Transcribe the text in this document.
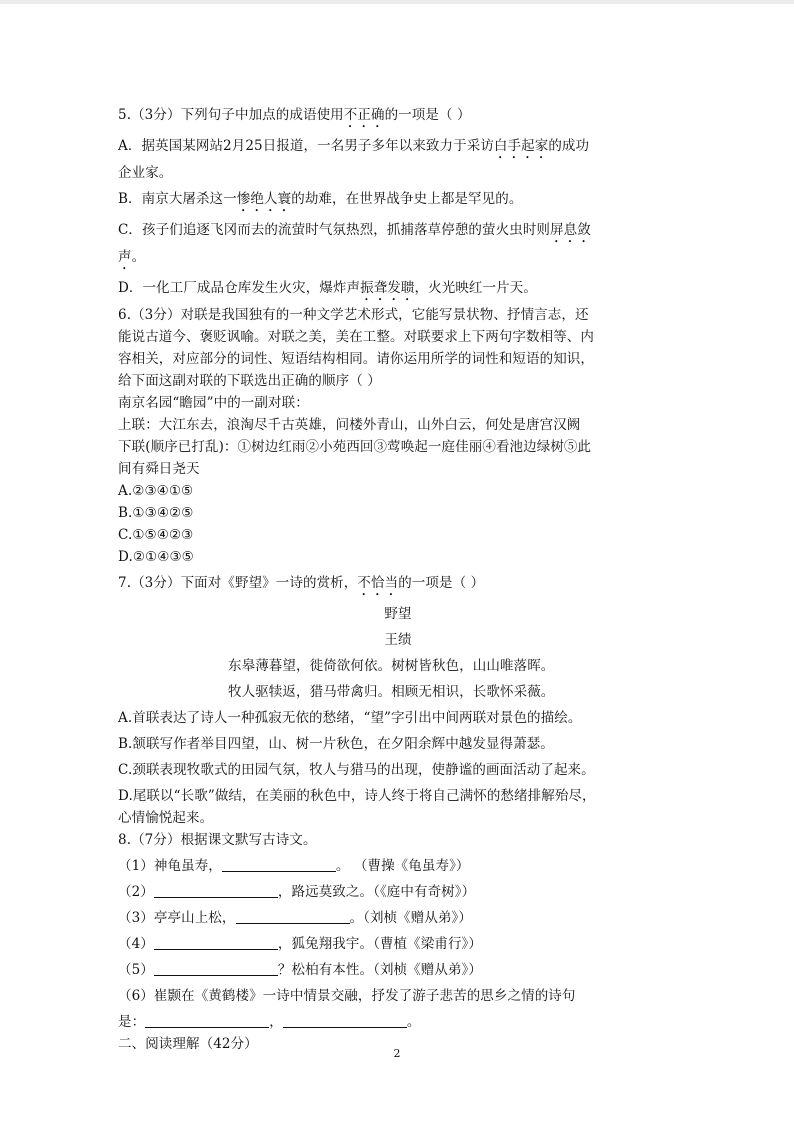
5.（3分）下列句子中加点的成语使用不正确的一项是（ ）

A．据英国某网站2月25日报道，一名男子多年以来致力于采访白手起家的成功

企业家。

B．南京大屠杀这一惨绝人寰的劫难，在世界战争史上都是罕见的。

C．孩子们追逐飞冈而去的流萤时气氛热烈，抓捕落草停憩的萤火虫时则屏息敛

声。

D．一化工厂成品仓库发生火灾，爆炸声振聋发聩，火光映红一片天。

6.（3分）对联是我国独有的一种文学艺术形式，它能写景状物、抒情言志，还

能说古道今、褒贬讽喻。对联之美，美在工整。对联要求上下两句字数相等、内

容相关，对应部分的词性、短语结构相同。请你运用所学的词性和短语的知识，

给下面这副对联的下联选出正确的顺序（ ）

南京名园“瞻园”中的一副对联：

上联：大江东去，浪淘尽千古英雄，问楼外青山，山外白云，何处是唐宫汉阙

下联(顺序已打乱)：①树边红雨②小苑西回③莺唤起一庭佳丽④看池边绿树⑤此

间有舜日尧天

A.②③④①⑤

B.①③④②⑤

C.①⑤④②③

D.②①④③⑤

7.（3分）下面对《野望》一诗的赏析，不恰当的一项是（ ）

野望

王绩

东皋薄暮望，徙倚欲何依。树树皆秋色，山山唯落晖。

牧人驱犊返，猎马带禽归。相顾无相识，长歌怀采薇。

A.首联表达了诗人一种孤寂无依的愁绪，“望”字引出中间两联对景色的描绘。

B.颔联写作者举目四望，山、树一片秋色，在夕阳余辉中越发显得萧瑟。

C.颈联表现牧歌式的田园气氛，牧人与猎马的出现，使静谧的画面活动了起来。

D.尾联以“长歌”做结，在美丽的秋色中，诗人终于将自己满怀的愁绪排解殆尽，

心情愉悦起来。

8.（7分）根据课文默写古诗文。

（1）神龟虽寿，	。 （曹操《龟虽寿》）

（2）	，路远莫致之。（《庭中有奇树》）

（3）亭亭山上松，	。（刘桢《赠从弟》）

（4）	，狐兔翔我宇。（曹植《梁甫行》）

（5）	？松柏有本性。（刘桢《赠从弟》）

（6）崔颢在《黄鹤楼》一诗中情景交融，抒发了游子悲苦的思乡之情的诗句

是：	，	。

二、阅读理解（42分）

2
